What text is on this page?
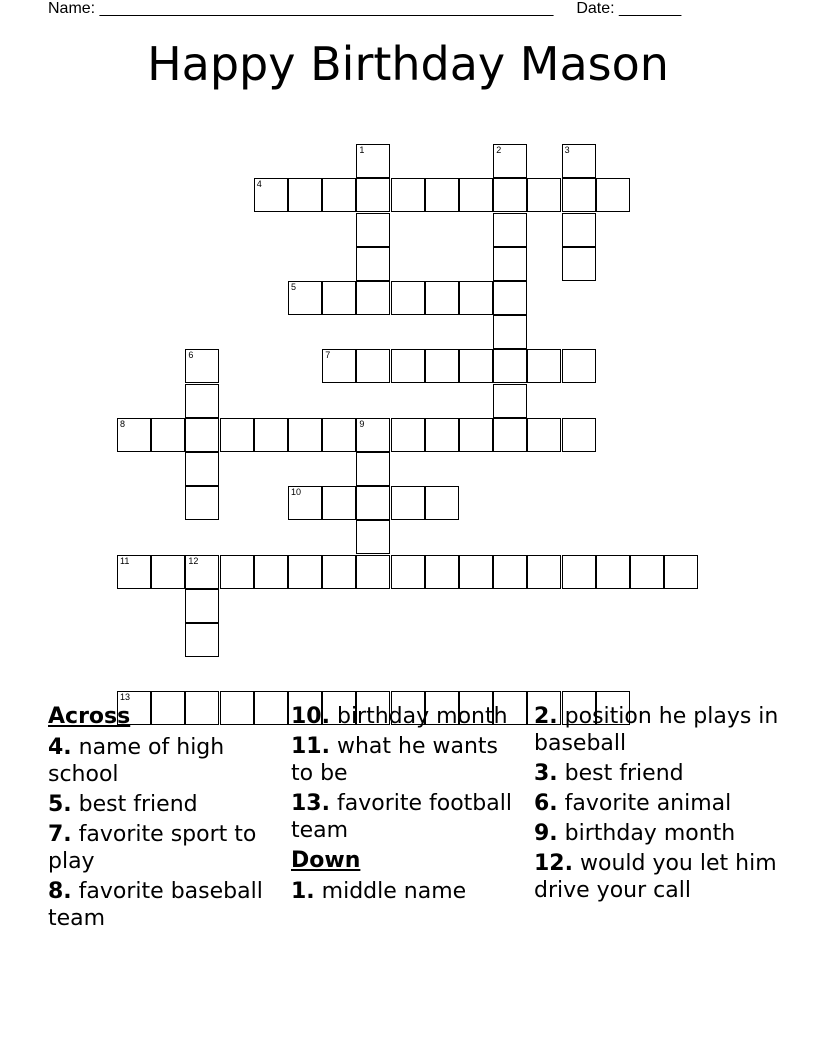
Name: ___________________________________________________ Date: _______
Happy Birthday Mason
1	2	3
4
5
6	7
8	9
10
11	12
13
Across
4. name of high school
5. best friend
7. favorite sport to play
8. favorite baseball team
10. birthday month
11. what he wants to be
13. favorite football team
Down
1. middle name
2. position he plays in baseball
3. best friend
6. favorite animal
9. birthday month
12. would you let him drive your call
